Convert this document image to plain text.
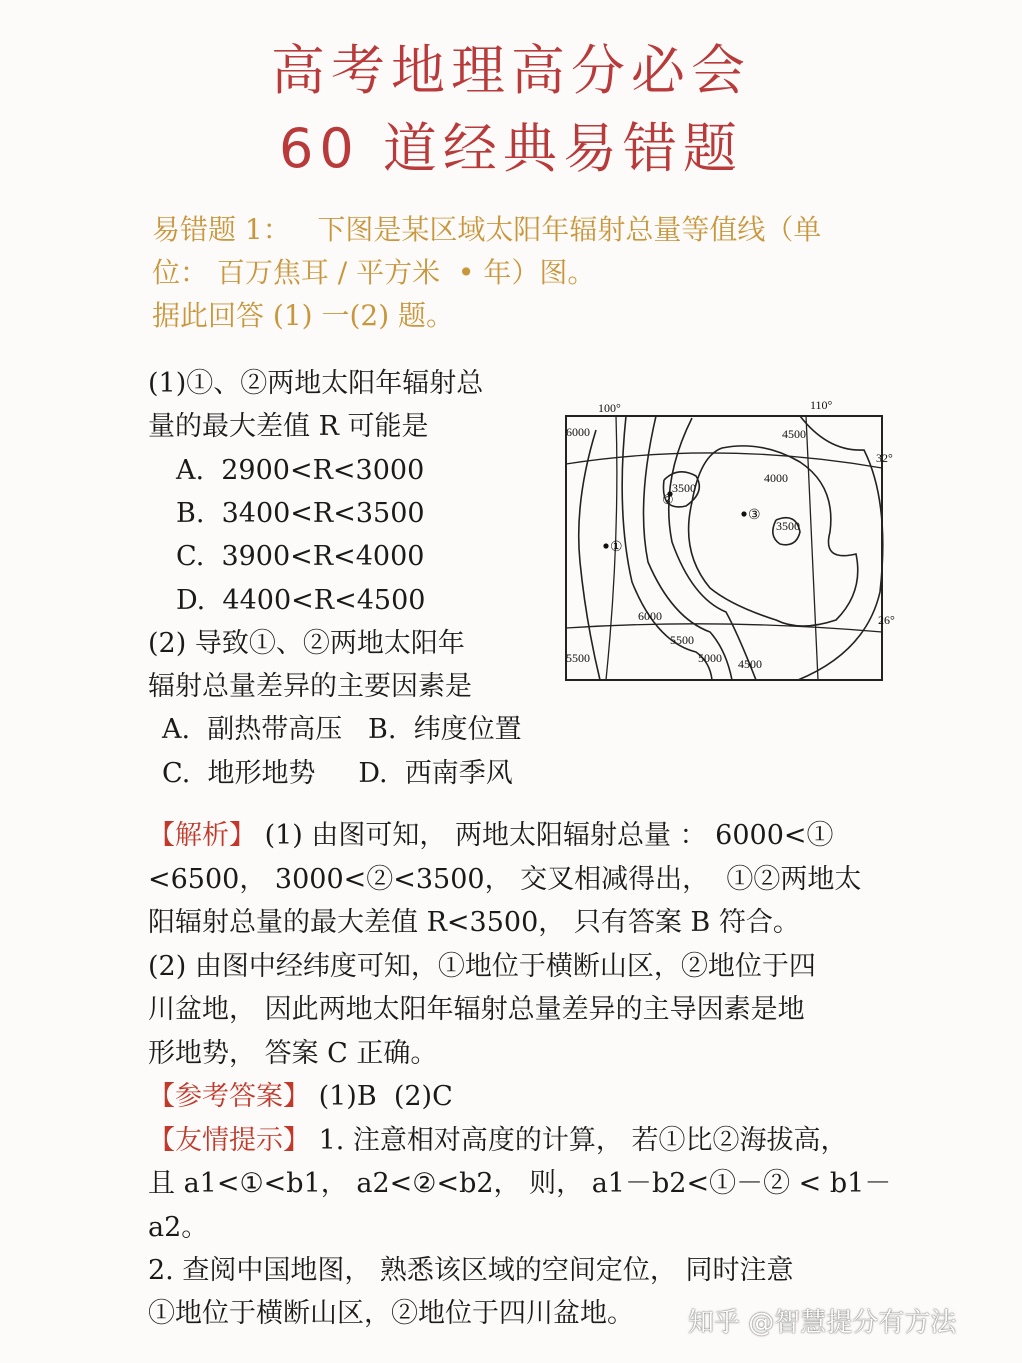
高考地理高分必会
60 道经典易错题
易错题 1：   下图是某区域太阳年辐射总量等值线（单
位： 百万焦耳 / 平方米  • 年）图。
据此回答 (1) 一(2) 题。
(1)①、②两地太阳年辐射总
量的最大差值 R 可能是
A.  2900<R<3000
B.  3400<R<3500
C.  3900<R<4000
D.  4400<R<4500
(2) 导致①、②两地太阳年
辐射总量差异的主要因素是
A.  副热带高压   B.  纬度位置
C.  地形地势     D.  西南季风
100°	110°
32°
26°
6000	4500
4000
3500
3500
6000
5500
5500	5000 4500
①
②
③
【解析】 (1) 由图可知， 两地太阳辐射总量 ： 6000<①
<6500， 3000<②<3500， 交叉相减得出，  ①②两地太
阳辐射总量的最大差值 R<3500， 只有答案 B 符合。
(2) 由图中经纬度可知，①地位于横断山区，②地位于四
川盆地， 因此两地太阳年辐射总量差异的主导因素是地
形地势， 答案 C 正确。
【参考答案】 (1)B  (2)C
【友情提示】 1. 注意相对高度的计算， 若①比②海拔高，
且 a1<①<b1， a2<②<b2， 则， a1－b2<①－② < b1－
a2。
2. 查阅中国地图， 熟悉该区域的空间定位， 同时注意
①地位于横断山区，②地位于四川盆地。 知乎 @智慧提分有方法
